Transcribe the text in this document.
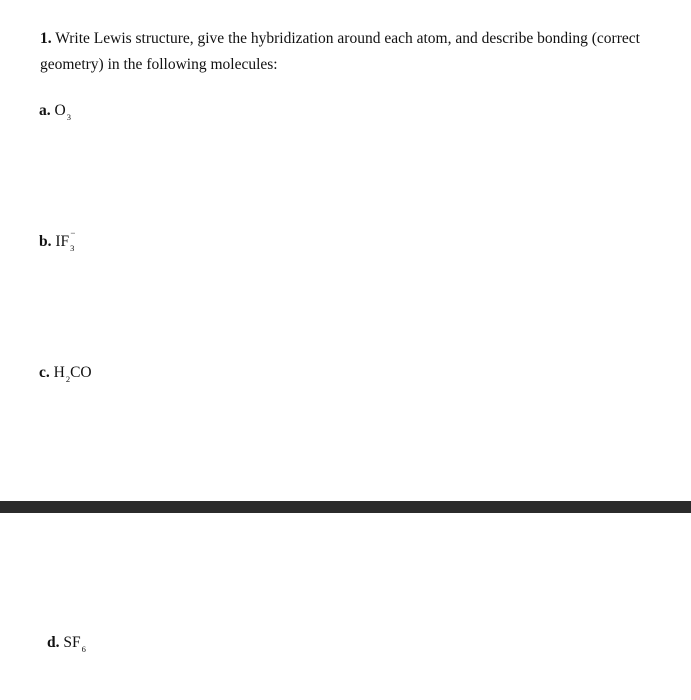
1. Write Lewis structure, give the hybridization around each atom, and describe bonding (correct geometry) in the following molecules:
a. $O_3$
b. $IF_3^-$
c. $H_2CO$
d. $SF_6$
